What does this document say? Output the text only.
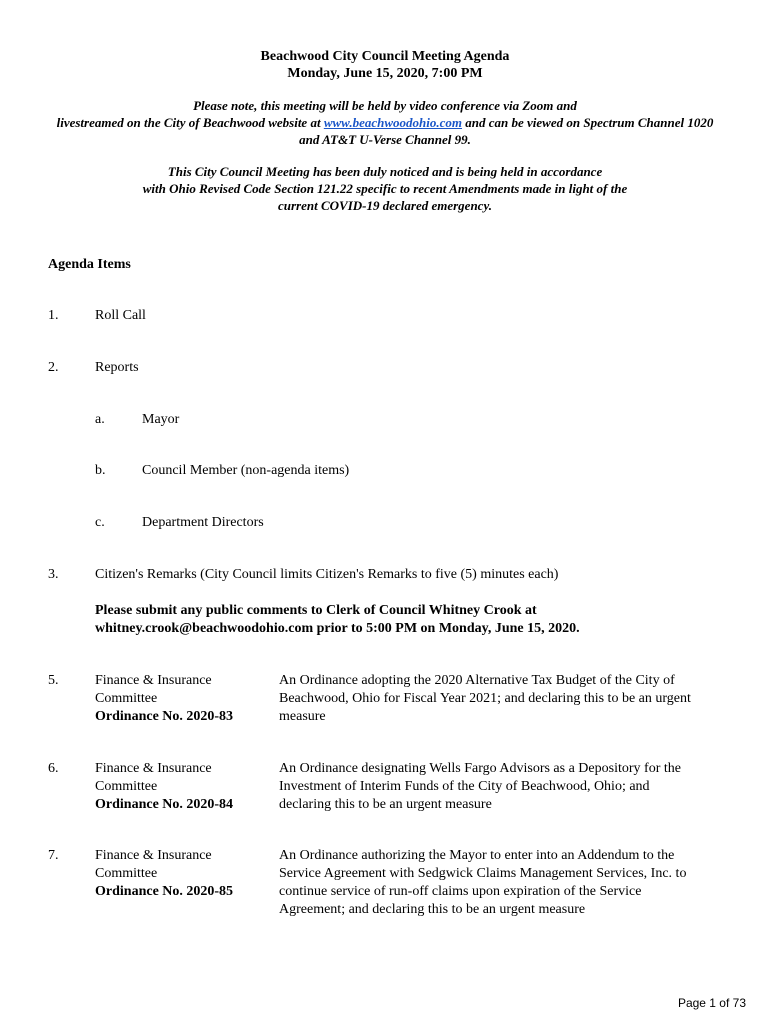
Beachwood City Council Meeting Agenda
Monday, June 15, 2020, 7:00 PM
Please note, this meeting will be held by video conference via Zoom and
livestreamed on the City of Beachwood website at www.beachwoodohio.com and can be viewed on Spectrum Channel 1020
and AT&T U-Verse Channel 99.
This City Council Meeting has been duly noticed and is being held in accordance
with Ohio Revised Code Section 121.22 specific to recent Amendments made in light of the
current COVID-19 declared emergency.
Agenda Items
1.	Roll Call
2.	Reports
a.	Mayor
b.	Council Member (non-agenda items)
c.	Department Directors
3.	Citizen's Remarks (City Council limits Citizen's Remarks to five (5) minutes each)
Please submit any public comments to Clerk of Council Whitney Crook at
whitney.crook@beachwoodohio.com prior to 5:00 PM on Monday, June 15, 2020.
5.	Finance & Insurance
Committee
Ordinance No. 2020-83
An Ordinance adopting the 2020 Alternative Tax Budget of the City of
Beachwood, Ohio for Fiscal Year 2021; and declaring this to be an urgent
measure
6.	Finance & Insurance
Committee
Ordinance No. 2020-84
An Ordinance designating Wells Fargo Advisors as a Depository for the
Investment of Interim Funds of the City of Beachwood, Ohio; and
declaring this to be an urgent measure
7.	Finance & Insurance
Committee
Ordinance No. 2020-85
An Ordinance authorizing the Mayor to enter into an Addendum to the
Service Agreement with Sedgwick Claims Management Services, Inc. to
continue service of run-off claims upon expiration of the Service
Agreement; and declaring this to be an urgent measure
Page 1 of 73
